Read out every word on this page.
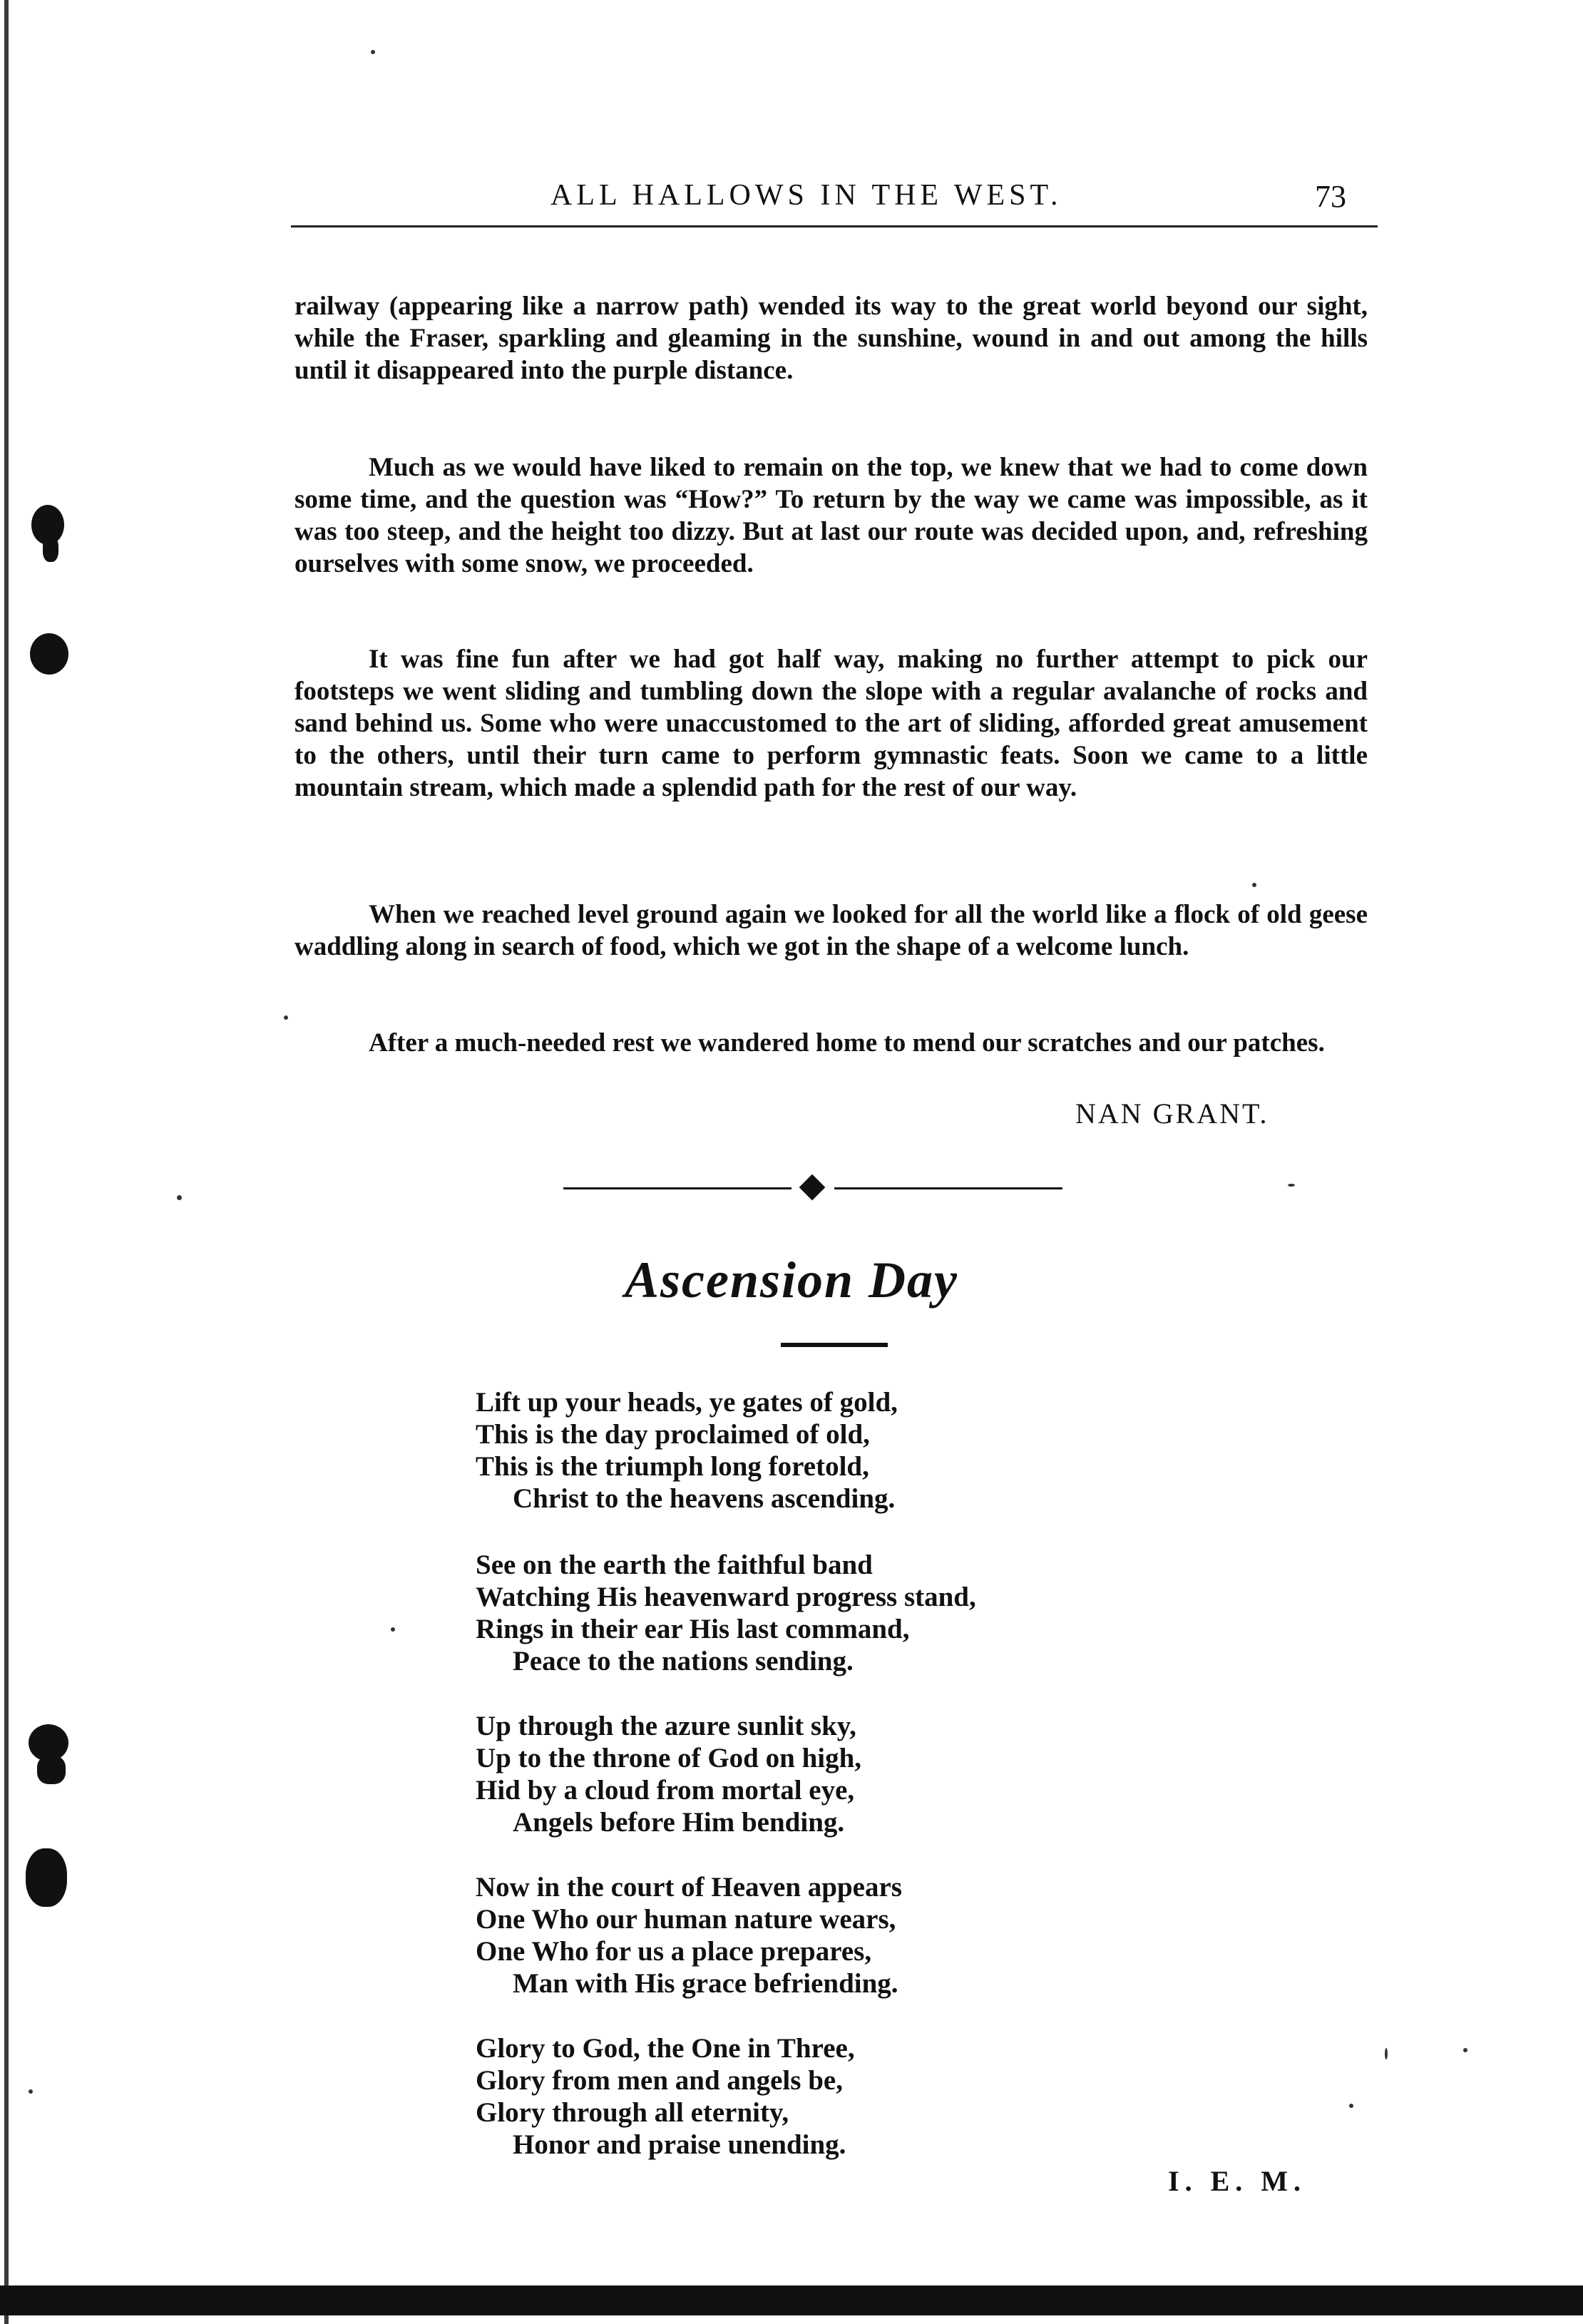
ALL HALLOWS IN THE WEST.	73

railway (appearing like a narrow path) wended its way to the great world beyond our sight, while the Fraser, sparkling and gleaming in the sunshine, wound in and out among the hills until it disappeared into the purple distance.

Much as we would have liked to remain on the top, we knew that we had to come down some time, and the question was “How?” To return by the way we came was impossible, as it was too steep, and the height too dizzy. But at last our route was decided upon, and, refreshing ourselves with some snow, we proceeded.

It was fine fun after we had got half way, making no further attempt to pick our footsteps we went sliding and tumbling down the slope with a regular avalanche of rocks and sand behind us. Some who were unaccustomed to the art of sliding, afforded great amusement to the others, until their turn came to perform gymnastic feats. Soon we came to a little mountain stream, which made a splendid path for the rest of our way.

When we reached level ground again we looked for all the world like a flock of old geese waddling along in search of food, which we got in the shape of a welcome lunch.

After a much-needed rest we wandered home to mend our scratches and our patches.

NAN GRANT.
Ascension Day
Lift up your heads, ye gates of gold,
This is the day proclaimed of old,
This is the triumph long foretold,
Christ to the heavens ascending.
See on the earth the faithful band
Watching His heavenward progress stand,
Rings in their ear His last command,
Peace to the nations sending.
Up through the azure sunlit sky,
Up to the throne of God on high,
Hid by a cloud from mortal eye,
Angels before Him bending.
Now in the court of Heaven appears
One Who our human nature wears,
One Who for us a place prepares,
Man with His grace befriending.
Glory to God, the One in Three,
Glory from men and angels be,
Glory through all eternity,
Honor and praise unending.
I. E. M.
